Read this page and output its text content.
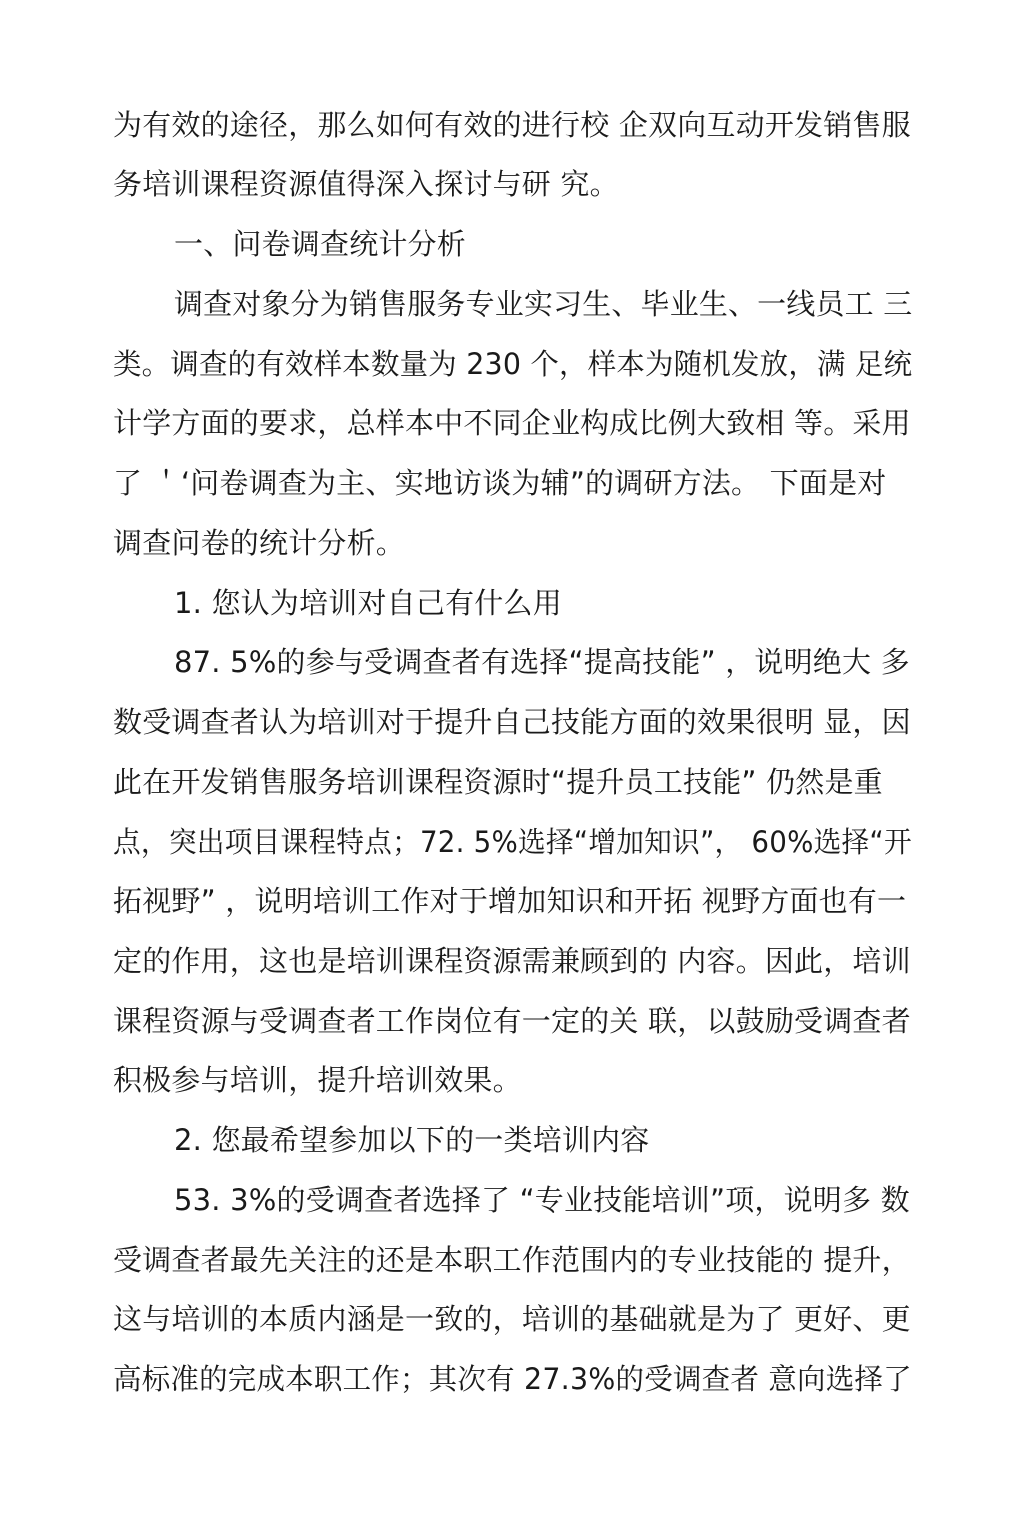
为有效的途径，那么如何有效的进行校 企双向互动开发销售服
务培训课程资源值得深入探讨与研 究。
一、问卷调查统计分析
调查对象分为销售服务专业实习生、毕业生、一线员工 三
类。调查的有效样本数量为 230 个，样本为随机发放，满 足统
计学方面的要求，总样本中不同企业构成比例大致相 等。采用
了 ＇‘问卷调查为主、实地访谈为辅”的调研方法。 下面是对
调查问卷的统计分析。
1. 您认为培训对自己有什么用
87. 5%的参与受调查者有选择“提高技能” ，说明绝大 多
数受调查者认为培训对于提升自己技能方面的效果很明 显，因
此在开发销售服务培训课程资源时“提升员工技能” 仍然是重
点，突出项目课程特点；72. 5%选择“增加知识”， 60%选择“开
拓视野” ，说明培训工作对于增加知识和开拓 视野方面也有一
定的作用，这也是培训课程资源需兼顾到的 内容。因此，培训
课程资源与受调查者工作岗位有一定的关 联，以鼓励受调查者
积极参与培训，提升培训效果。
2. 您最希望参加以下的一类培训内容
53. 3%的受调查者选择了 “专业技能培训”项，说明多 数
受调查者最先关注的还是本职工作范围内的专业技能的 提升，
这与培训的本质内涵是一致的，培训的基础就是为了 更好、更
高标准的完成本职工作；其次有 27.3%的受调查者 意向选择了
